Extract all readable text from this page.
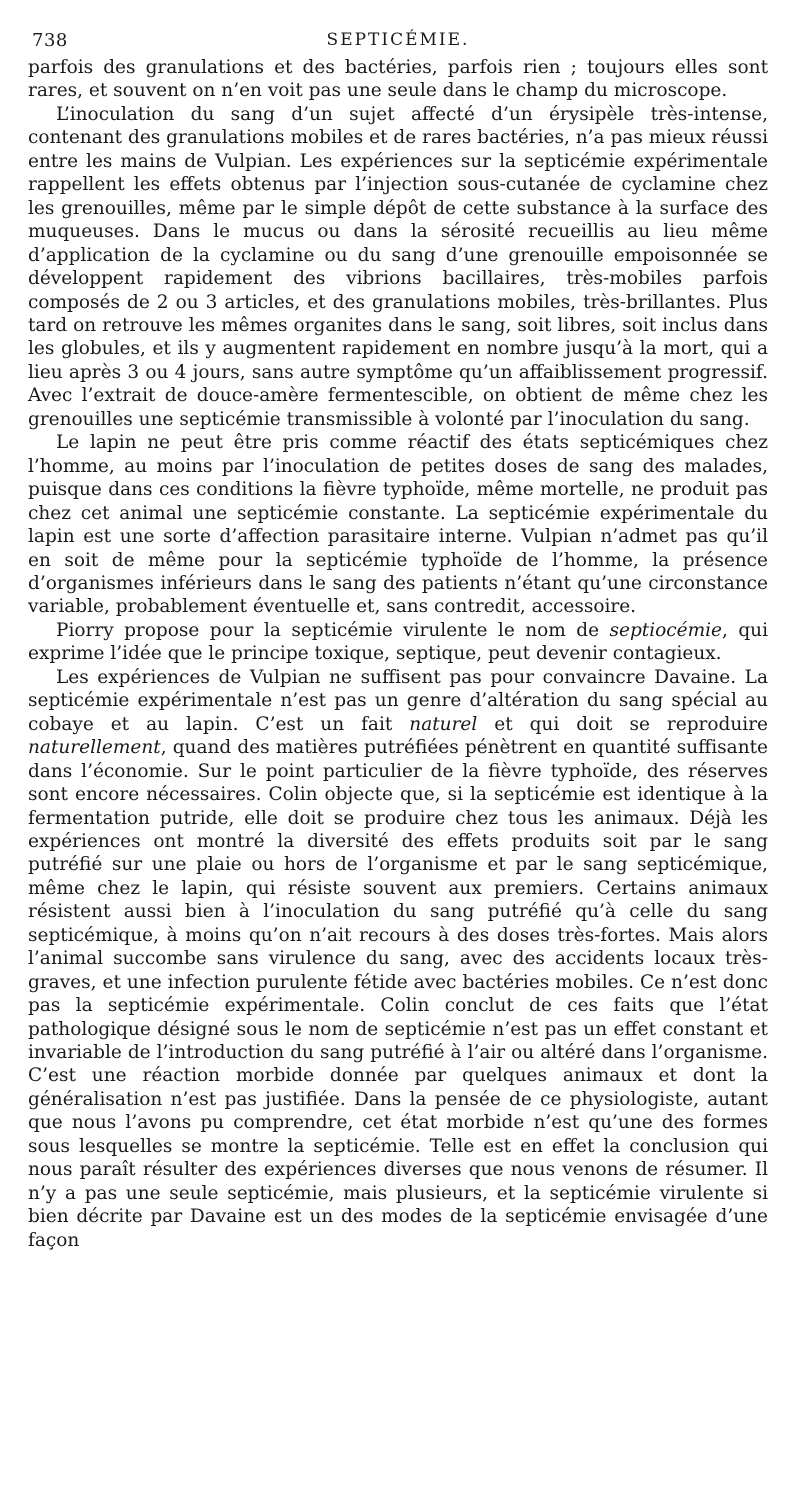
738	SEPTICÉMIE.

parfois des granulations et des bactéries, parfois rien ; toujours elles sont rares, et souvent on n’en voit pas une seule dans le champ du microscope.

L’inoculation du sang d’un sujet affecté d’un érysipèle très-intense, contenant des granulations mobiles et de rares bactéries, n’a pas mieux réussi entre les mains de Vulpian. Les expériences sur la septicémie expérimentale rappellent les effets obtenus par l’injection sous-cutanée de cyclamine chez les grenouilles, même par le simple dépôt de cette substance à la surface des muqueuses. Dans le mucus ou dans la sérosité recueillis au lieu même d’application de la cyclamine ou du sang d’une grenouille empoisonnée se développent rapidement des vibrions bacillaires, très-mobiles parfois composés de 2 ou 3 articles, et des granulations mobiles, très-brillantes. Plus tard on retrouve les mêmes organites dans le sang, soit libres, soit inclus dans les globules, et ils y augmentent rapidement en nombre jusqu’à la mort, qui a lieu après 3 ou 4 jours, sans autre symptôme qu’un affaiblissement progressif. Avec l’extrait de douce-amère fermentescible, on obtient de même chez les grenouilles une septicémie transmissible à volonté par l’inoculation du sang.

Le lapin ne peut être pris comme réactif des états septicémiques chez l’homme, au moins par l’inoculation de petites doses de sang des malades, puisque dans ces conditions la fièvre typhoïde, même mortelle, ne produit pas chez cet animal une septicémie constante. La septicémie expérimentale du lapin est une sorte d’affection parasitaire interne. Vulpian n’admet pas qu’il en soit de même pour la septicémie typhoïde de l’homme, la présence d’organismes inférieurs dans le sang des patients n’étant qu’une circonstance variable, probablement éventuelle et, sans contredit, accessoire.

Piorry propose pour la septicémie virulente le nom de septiocémie, qui exprime l’idée que le principe toxique, septique, peut devenir contagieux.

Les expériences de Vulpian ne suffisent pas pour convaincre Davaine. La septicémie expérimentale n’est pas un genre d’altération du sang spécial au cobaye et au lapin. C’est un fait naturel et qui doit se reproduire naturellement, quand des matières putréfiées pénètrent en quantité suffisante dans l’économie. Sur le point particulier de la fièvre typhoïde, des réserves sont encore nécessaires. Colin objecte que, si la septicémie est identique à la fermentation putride, elle doit se produire chez tous les animaux. Déjà les expériences ont montré la diversité des effets produits soit par le sang putréfié sur une plaie ou hors de l’organisme et par le sang septicémique, même chez le lapin, qui résiste souvent aux premiers. Certains animaux résistent aussi bien à l’inoculation du sang putréfié qu’à celle du sang septicémique, à moins qu’on n’ait recours à des doses très-fortes. Mais alors l’animal succombe sans virulence du sang, avec des accidents locaux très-graves, et une infection purulente fétide avec bactéries mobiles. Ce n’est donc pas la septicémie expérimentale. Colin conclut de ces faits que l’état pathologique désigné sous le nom de septicémie n’est pas un effet constant et invariable de l’introduction du sang putréfié à l’air ou altéré dans l’organisme. C’est une réaction morbide donnée par quelques animaux et dont la généralisation n’est pas justifiée. Dans la pensée de ce physiologiste, autant que nous l’avons pu comprendre, cet état morbide n’est qu’une des formes sous lesquelles se montre la septicémie. Telle est en effet la conclusion qui nous paraît résulter des expériences diverses que nous venons de résumer. Il n’y a pas une seule septicémie, mais plusieurs, et la septicémie virulente si bien décrite par Davaine est un des modes de la septicémie envisagée d’une façon
